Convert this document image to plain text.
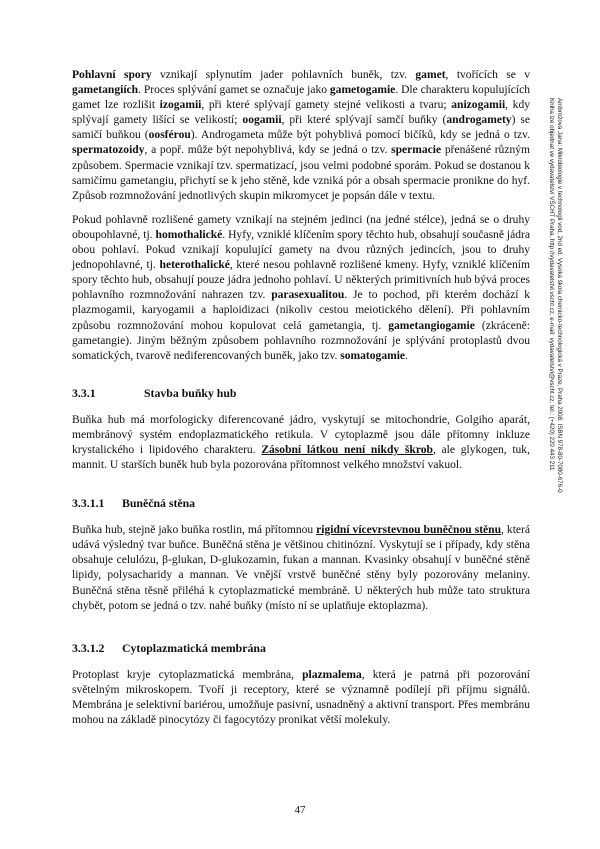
Pohlavní spory vznikají splynutím jader pohlavních buněk, tzv. gamet, tvořících se v gametangiích. Proces splývání gamet se označuje jako gametogamie. Dle charakteru kopulujících gamet lze rozlišit izogamii, při které splývají gamety stejné velikosti a tvaru; anizogamii, kdy splývají gamety lišící se velikostí; oogamii, při které splývají samčí buňky (androgamety) se samičí buňkou (oosférou). Androgameta může být pohyblivá pomocí bičíků, kdy se jedná o tzv. spermatozoidy, a popř. může být nepohyblivá, kdy se jedná o tzv. spermacie přenášené různým způsobem. Spermacie vznikají tzv. spermatizací, jsou velmi podobné sporám. Pokud se dostanou k samičímu gametangiu, přichytí se k jeho stěně, kde vzniká pór a obsah spermacie pronikne do hyf. Způsob rozmnožování jednotlivých skupin mikromycet je popsán dále v textu.

Pokud pohlavně rozlišené gamety vznikají na stejném jedinci (na jedné stélce), jedná se o druhy oboupohlavné, tj. homothalické. Hyfy, vzniklé klíčením spory těchto hub, obsahují současně jádra obou pohlaví. Pokud vznikají kopulující gamety na dvou různých jedincích, jsou to druhy jednopohlavné, tj. heterothalické, které nesou pohlavně rozlišené kmeny. Hyfy, vzniklé klíčením spory těchto hub, obsahují pouze jádra jednoho pohlaví. U některých primitivních hub bývá proces pohlavního rozmnožování nahrazen tzv. parasexualitou. Je to pochod, při kterém dochází k plazmogamii, karyogamii a haploidizaci (nikoliv cestou meiotického dělení). Při pohlavním způsobu rozmnožování mohou kopulovat celá gametangia, tj. gametangiogamie (zkráceně: gametangie). Jiným běžným způsobem pohlavního rozmnožování je splývání protoplastů dvou somatických, tvarově nediferencovaných buněk, jako tzv. somatogamie.

3.3.1	Stavba buňky hub

Buňka hub má morfologicky diferencované jádro, vyskytují se mitochondrie, Golgiho aparát, membránový systém endoplazmatického retikula. V cytoplazmě jsou dále přítomny inkluze krystalického i lipidového charakteru. Zásobní látkou není nikdy škrob, ale glykogen, tuk, mannit. U starších buněk hub byla pozorována přítomnost velkého množství vakuol.

3.3.1.1 Buněčná stěna

Buňka hub, stejně jako buňka rostlin, má přítomnou rigidní vícevrstevnou buněčnou stěnu, která udává výsledný tvar buňce. Buněčná stěna je většinou chitinózní. Vyskytují se i případy, kdy stěna obsahuje celulózu, β-glukan, D-glukozamin, fukan a mannan. Kvasinky obsahují v buněčné stěně lipidy, polysacharidy a mannan. Ve vnější vrstvě buněčné stěny byly pozorovány melaniny. Buněčná stěna těsně přiléhá k cytoplazmatické membráně. U některých hub může tato struktura chybět, potom se jedná o tzv. nahé buňky (místo ní se uplatňuje ektoplazma).

3.3.1.2 Cytoplazmatická membrána

Protoplast kryje cytoplazmatická membrána, plazmalema, která je patrná při pozorování světelným mikroskopem. Tvoří ji receptory, které se významně podílejí při příjmu signálů. Membrána je selektivní bariérou, umožňuje pasivní, usnadněný a aktivní transport. Přes membránu mohou na základě pinocytózy či fagocytózy pronikat větší molekuly.

47
Ambrožová Jana: Mikrobiologie v technologii vod, 2nd ed. Vysoká škola chemicko-technologická v Praze, Praha 2008. ISBN 978-80-7080-676-0
Kniha lze objednat ve vydavatelství VŠCHT Praha, http://vydavatelstvi.vscht.cz, e-mail: vydavatelstvi@vscht.cz, tel.: (+420) 220 443 211
